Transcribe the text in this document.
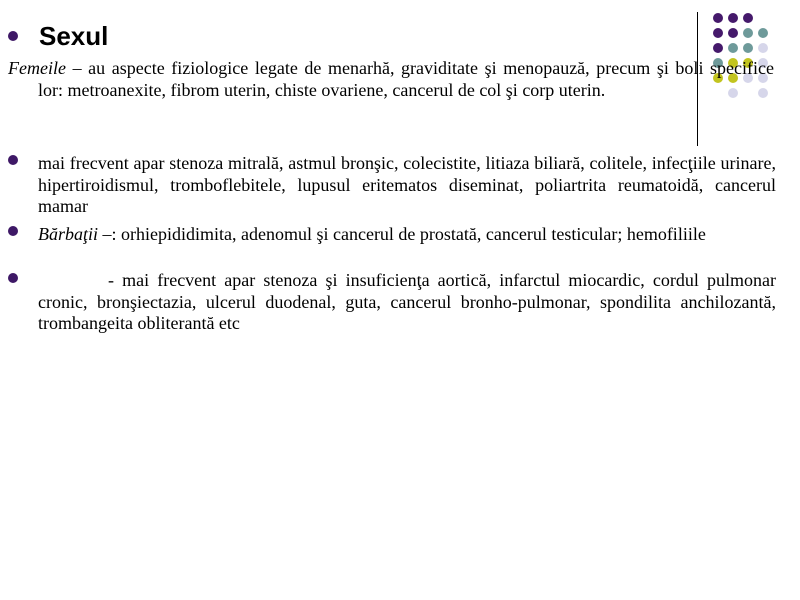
Sexul
Femeile – au aspecte fiziologice legate de menarhă, graviditate şi menopauză, precum şi boli specifice lor: metroanexite, fibrom uterin, chiste ovariene, cancerul de col şi corp uterin.
mai frecvent apar stenoza mitrală, astmul bronşic, colecistite, litiaza biliară, colitele, infecţiile urinare, hipertiroidismul, tromboflebitele, lupusul eritematos diseminat, poliartrita reumatoidă, cancerul mamar
Bărbaţii –: orhiepididimita, adenomul şi cancerul de prostată, cancerul testicular; hemofiliile
- mai frecvent apar stenoza şi insuficienţa aortică, infarctul miocardic, cordul pulmonar cronic, bronşiectazia, ulcerul duodenal, guta, cancerul bronho-pulmonar, spondilita anchilozantă, trombangeita obliterantă etc
